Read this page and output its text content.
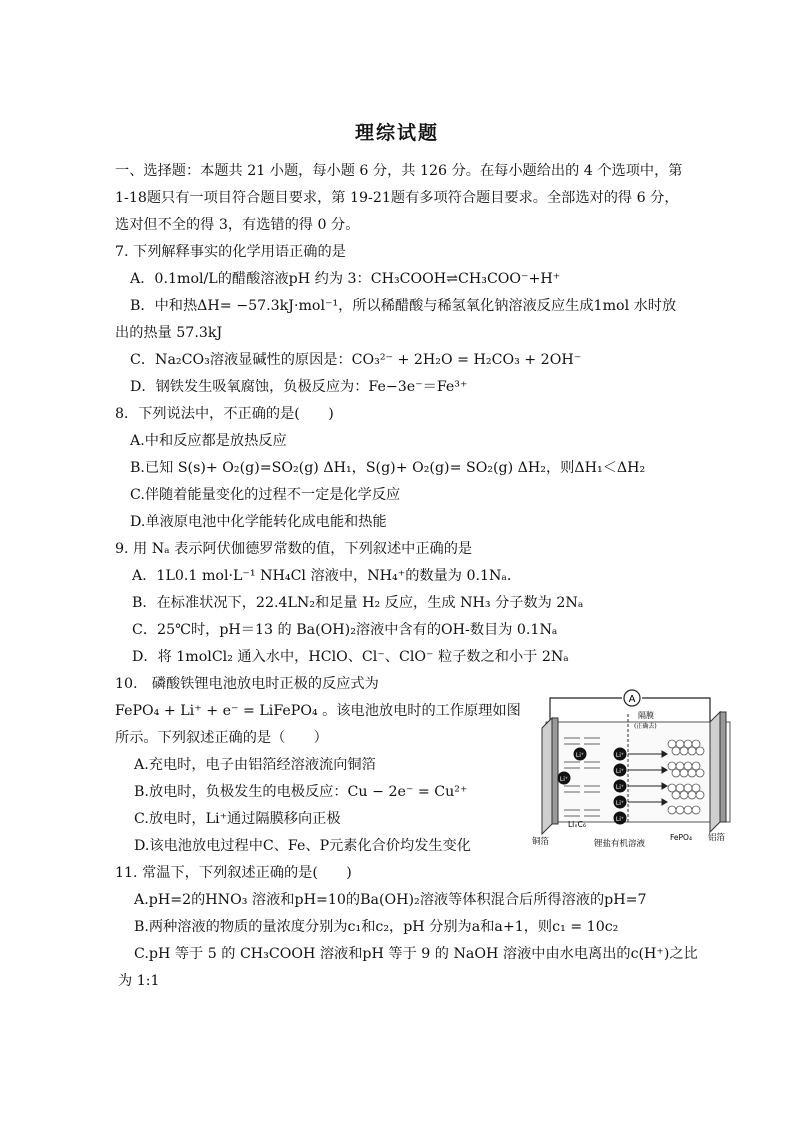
理综试题
一、选择题：本题共 21 小题，每小题 6 分，共 126 分。在每小题给出的 4 个选项中，第
1-18题只有一项目符合题目要求，第 19-21题有多项符合题目要求。全部选对的得 6 分，
选对但不全的得 3，有选错的得 0 分。
7. 下列解释事实的化学用语正确的是
A．0.1mol/L的醋酸溶液pH 约为 3：CH₃COOH⇌CH₃COO⁻+H⁺
B．中和热ΔH= −57.3kJ·mol⁻¹，所以稀醋酸与稀氢氧化钠溶液反应生成1mol 水时放
出的热量 57.3kJ
C．Na₂CO₃溶液显碱性的原因是：CO₃²⁻ + 2H₂O = H₂CO₃ + 2OH⁻
D．钢铁发生吸氧腐蚀，负极反应为：Fe−3e⁻＝Fe³⁺
8．下列说法中，不正确的是(　　)
A.中和反应都是放热反应
B.已知 S(s)+ O₂(g)=SO₂(g) ΔH₁，S(g)+ O₂(g)= SO₂(g) ΔH₂，则ΔH₁＜ΔH₂
C.伴随着能量变化的过程不一定是化学反应
D.单液原电池中化学能转化成电能和热能
9. 用 Nₐ 表示阿伏伽德罗常数的值，下列叙述中正确的是
A．1L0.1 mol·L⁻¹ NH₄Cl 溶液中，NH₄⁺的数量为 0.1Nₐ．
B．在标准状况下，22.4LN₂和足量 H₂ 反应，生成 NH₃ 分子数为 2Nₐ
C．25℃时，pH＝13 的 Ba(OH)₂溶液中含有的OH-数目为 0.1Nₐ
D．将 1molCl₂ 通入水中，HClO、Cl⁻、ClO⁻ 粒子数之和小于 2Nₐ
10.　磷酸铁锂电池放电时正极的反应式为
FePO₄ + Li⁺ + e⁻ = LiFePO₄ 。该电池放电时的工作原理如图
所示。下列叙述正确的是（　　）
A.充电时，电子由铝箔经溶液流向铜箔
B.放电时，负极发生的电极反应：Cu − 2e⁻ = Cu²⁺
C.放电时，Li⁺通过隔膜移向正极
D.该电池放电过程中C、Fe、P元素化合价均发生变化
11. 常温下，下列叙述正确的是(　　)
A.pH=2的HNO₃ 溶液和pH=10的Ba(OH)₂溶液等体积混合后所得溶液的pH=7
B.两种溶液的物质的量浓度分别为c₁和c₂，pH 分别为a和a+1，则c₁ = 10c₂
C.pH 等于 5 的 CH₃COOH 溶液和pH 等于 9 的 NaOH 溶液中由水电离出的c(H⁺)之比
为 1:1
A
Li⁺
Li⁺
隔膜
(正确去)
Li⁺
Li⁺
Li⁺
Li⁺
Li⁺
LiₓC₆
铜箔	锂盐有机溶液
FePO₄ 铝箔
